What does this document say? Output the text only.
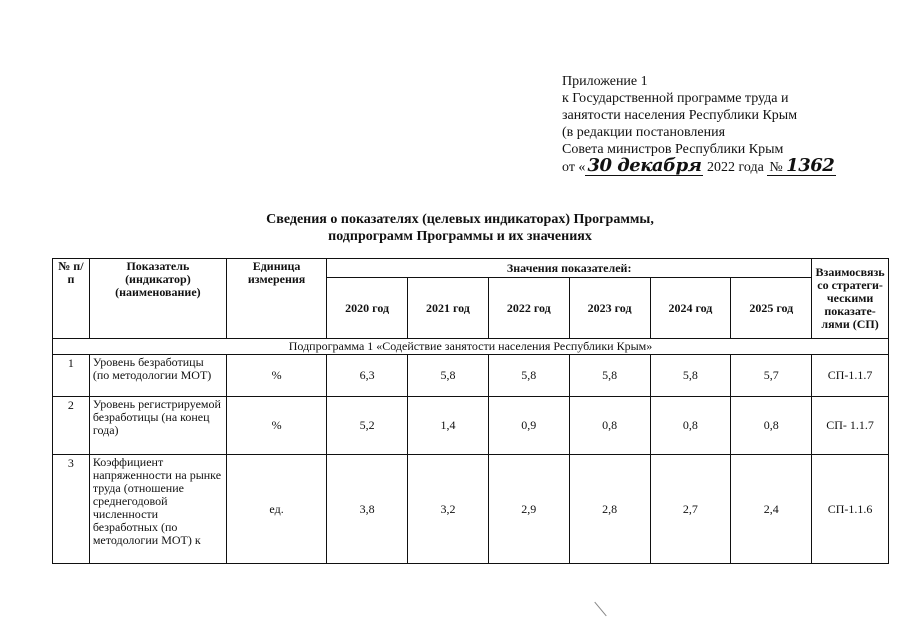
Приложение 1
к Государственной программе труда и
занятости населения Республики Крым
(в редакции постановления
Совета министров Республики Крым
от « 30 декабря 2022 года № 1362
Сведения о показателях (целевых индикаторах) Программы,
подпрограмм Программы и их значениях
№ п/п	Показатель (индикатор) (наименование)	Единица измерения	Значения показателей:						Взаимосвязь со стратеги-ческими показате-лями (СП)
			2020 год	2021 год	2022 год	2023 год	2024 год	2025 год	
Подпрограмма 1 «Содействие занятости населения Республики Крым»									
1	Уровень безработицы (по методологии МОТ)	%	6,3	5,8	5,8	5,8	5,8	5,7	СП-1.1.7
2	Уровень регистрируемой безработицы (на конец года)	%	5,2	1,4	0,9	0,8	0,8	0,8	СП- 1.1.7
3	Коэффициент напряженности на рынке труда (отношение среднегодовой численности безработных (по методологии МОТ) к	ед.	3,8	3,2	2,9	2,8	2,7	2,4	СП-1.1.6
